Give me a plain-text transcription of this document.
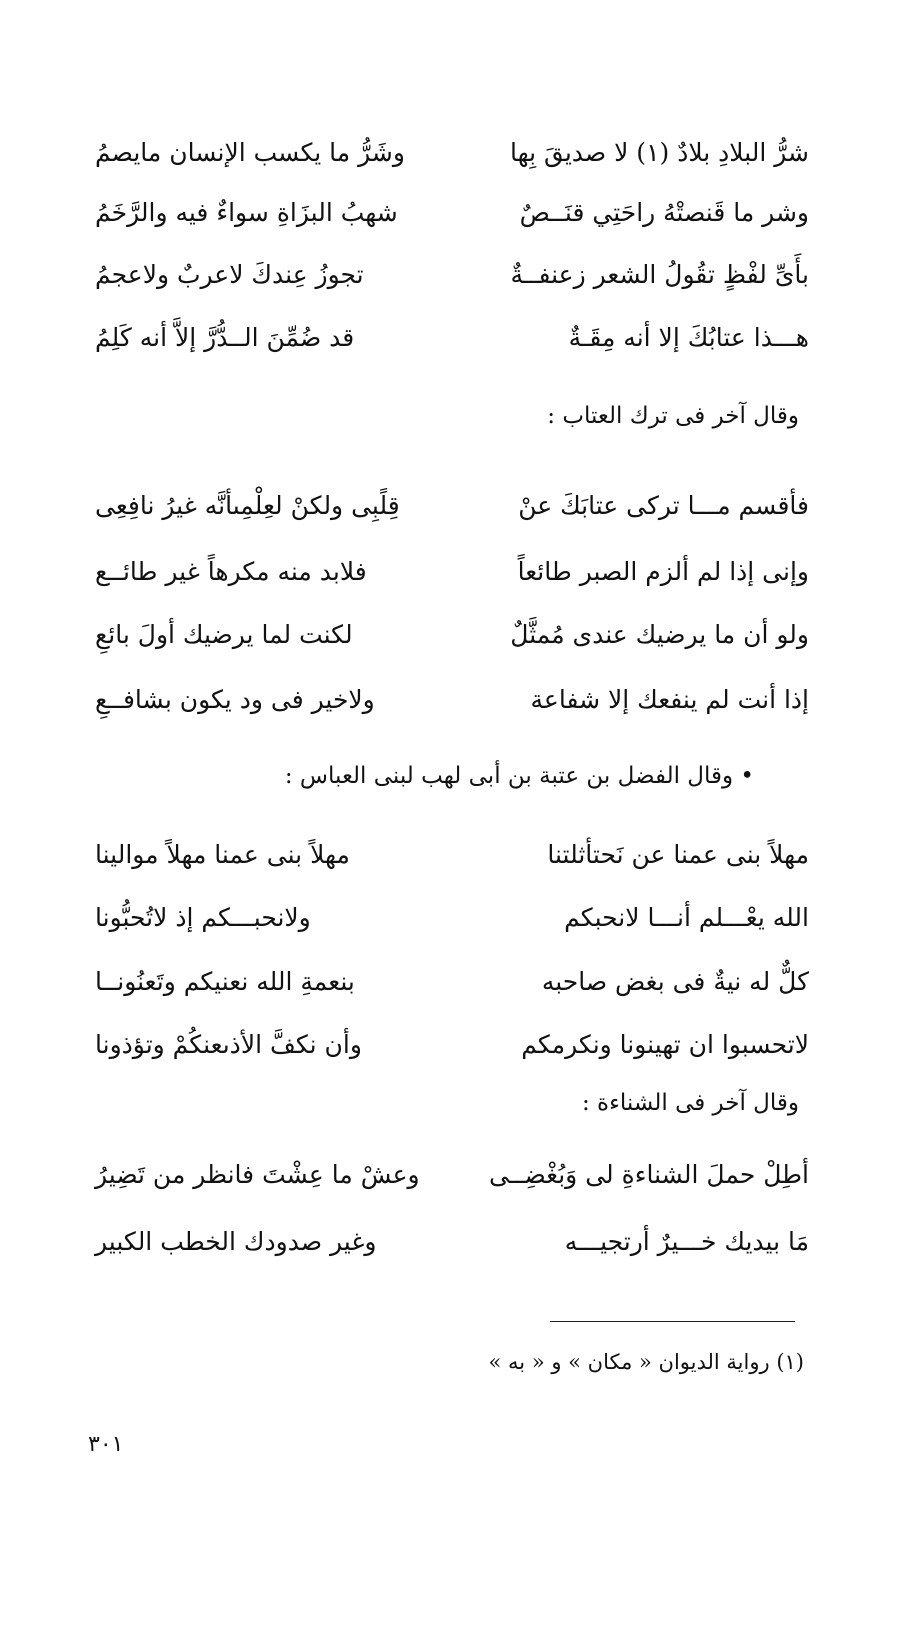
شرُّ البلادِ بلادٌ (١) لا صديقَ بِها
وشَرُّ ما يكسب الإنسان مايصمُ
وشر ما قَنصتْهُ راحَتِي قنَــصٌ
شهبُ البزَاةِ سواءٌ فيه والرَّخَمُ
بأَىِّ لفْظٍ تقُولُ الشعر زعنفــةٌ
تجوزُ عِندكَ لاعربٌ ولاعجمُ
هـــذا عتابُكَ إلا أنه مِقَـةٌ
قد ضُمِّنَ الــدُّرَّ إلاَّ أنه كَلِمُ
وقال آخر فى ترك العتاب :
فأقسم مـــا تركى عتابَكَ عنْ
قِلًبِى ولكنْ لعِلْمِىأنَّه غيرُ نافِعِى
وإنى إذا لم ألزم الصبر طائعاً
فلابد منه مكرهاً غير طائــع
ولو أن ما يرضيك عندى مُمثَّلٌ
لكنت لما يرضيك أولَ بائعِ
إذا أنت لم ينفعك إلا شفاعة
ولاخير فى ود يكون بشافــعِ
• وقال الفضل بن عتبة بن أبى لهب لبنى العباس :
مهلاً بنى عمنا عن نَحتأثلتنا
مهلاً بنى عمنا مهلاً موالينا
الله يعْـــلم أنـــا لانحبكم
ولانحبـــكم إذ لاتُحبُّونا
كلٌّ له نيةٌ فى بغض صاحبه
بنعمةِ الله نعنيكم وتَعنُونــا
لاتحسبوا ان تهينونا ونكرمكم
وأن نكفَّ الأذىعنكُمْ وتؤذونا
وقال آخر فى الشناءة :
أطِلْ حملَ الشناءةِ لى وَبُغْضِــى
وعشْ ما عِشْتَ فانظر من تَضِيرُ
مَا بيديك خـــيرٌ أرتجيـــه
وغير صدودك الخطب الكبير
(١) رواية الديوان « مكان » و « به »
٣٠١
